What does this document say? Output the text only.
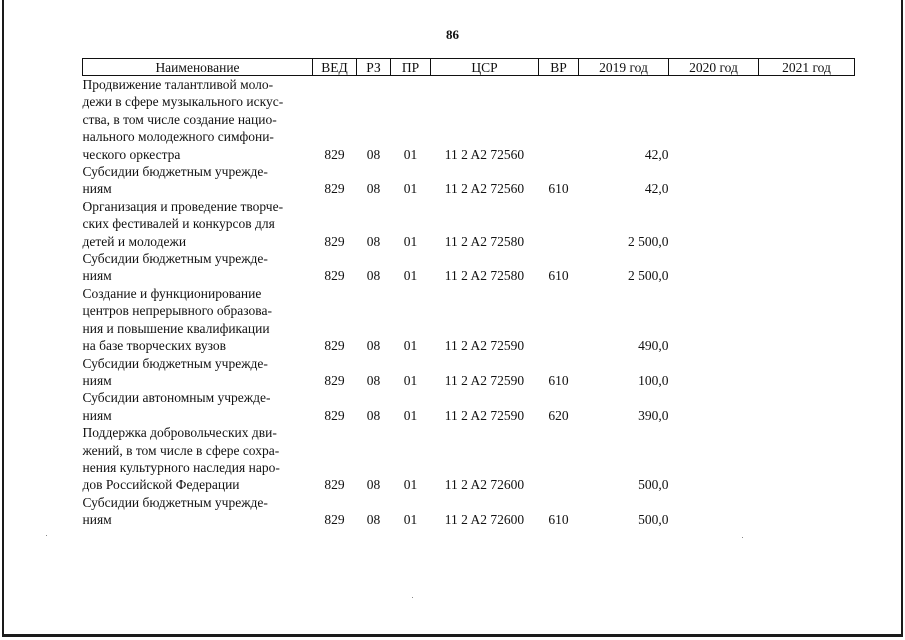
86
Наименование	ВЕД	РЗ	ПР	ЦСР	ВР	2019 год	2020 год	2021 год

Продвижение талантливой моло-
дежи в сфере музыкального искус-
ства, в том числе создание нацио-
нального молодежного симфони-
ческого оркестра	829	08	01	11 2 A2 72560		42,0		

Субсидии бюджетным учрежде-
ниям	829	08	01	11 2 A2 72560	610	42,0		

Организация и проведение творче-
ских фестивалей и конкурсов для
детей и молодежи	829	08	01	11 2 A2 72580		2 500,0		

Субсидии бюджетным учрежде-
ниям	829	08	01	11 2 A2 72580	610	2 500,0		

Создание и функционирование
центров непрерывного образова-
ния и повышение квалификации
на базе творческих вузов	829	08	01	11 2 A2 72590		490,0		

Субсидии бюджетным учрежде-
ниям	829	08	01	11 2 A2 72590	610	100,0		

Субсидии автономным учрежде-
ниям	829	08	01	11 2 A2 72590	620	390,0		

Поддержка добровольческих дви-
жений, в том числе в сфере сохра-
нения культурного наследия наро-
дов Российской Федерации	829	08	01	11 2 A2 72600		500,0		

Субсидии бюджетным учрежде-
ниям	829	08	01	11 2 A2 72600	610	500,0		
